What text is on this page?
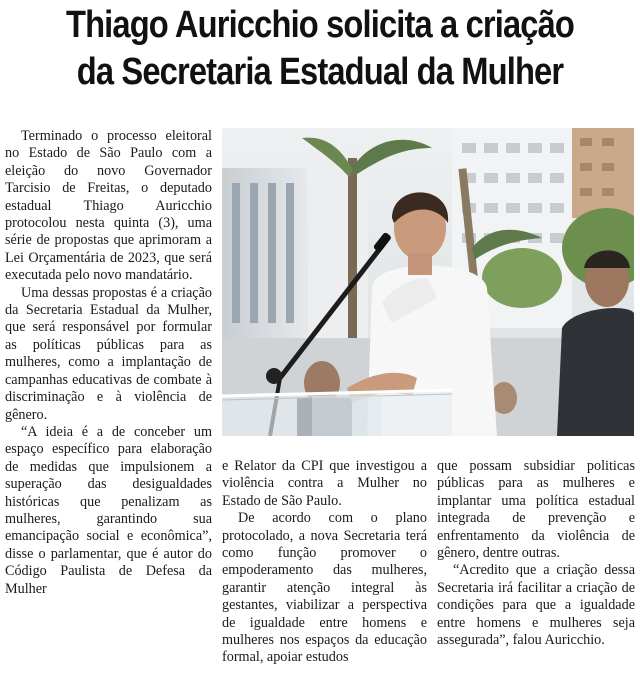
Thiago Auricchio solicita a criação
da Secretaria Estadual da Mulher

Terminado o processo eleitoral no Estado de São Paulo com a eleição do novo Governador Tarcisio de Freitas, o deputado estadual Thiago Auricchio protocolou nesta quinta (3), uma série de propostas que aprimoram a Lei Orçamentária de 2023, que será executada pelo novo mandatário.

Uma dessas propostas é a criação da Secretaria Estadual da Mulher, que será responsável por formular as políticas públicas para as mulheres, como a implantação de campanhas educativas de combate à discriminação e à violência de gênero.

“A ideia é a de conceber um espaço específico para elaboração de medidas que impulsionem a superação das desigualdades históricas que penalizam as mulheres, garantindo sua emancipação social e econômica”, disse o parlamentar, que é autor do Código Paulista de Defesa da Mulher

e Relator da CPI que investigou a violência contra a Mulher no Estado de São Paulo.

De acordo com o plano protocolado, a nova Secretaria terá como função promover o empoderamento das mulheres, garantir atenção integral às gestantes, viabilizar a perspectiva de igualdade entre homens e mulheres nos espaços da educação formal, apoiar estudos

que possam subsidiar politicas públicas para as mulheres e implantar uma política estadual integrada de prevenção e enfrentamento da violência de gênero, dentre outras.

“Acredito que a criação dessa Secretaria irá facilitar a criação de condições para que a igualdade entre homens e mulheres seja assegurada”, falou Auricchio.
